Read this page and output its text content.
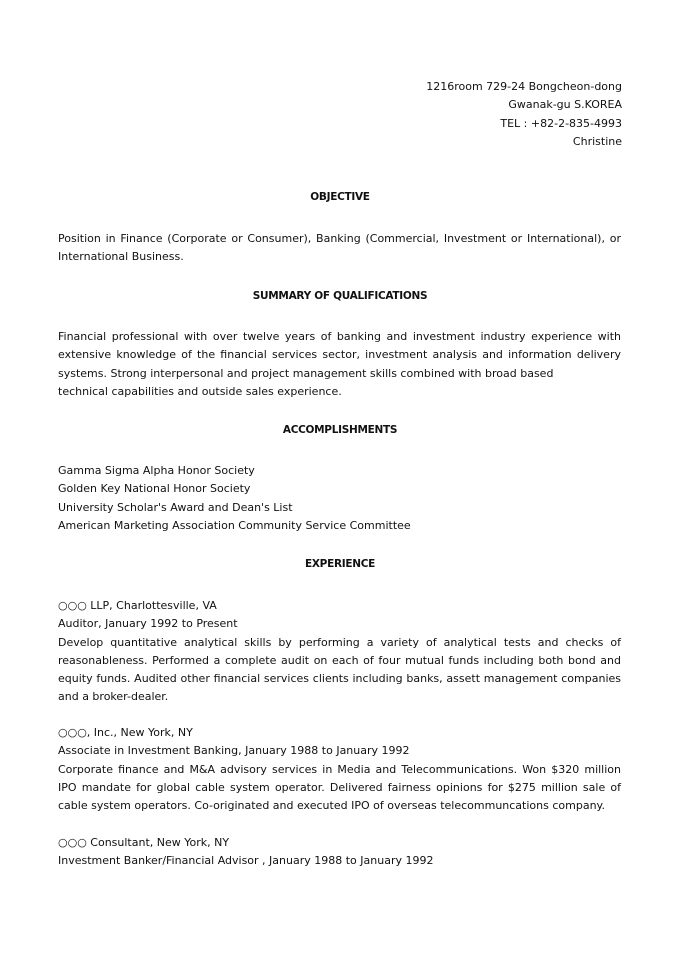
1216room 729-24 Bongcheon-dong
Gwanak-gu S.KOREA
TEL : +82-2-835-4993
Christine
OBJECTIVE
Position in Finance (Corporate or Consumer), Banking (Commercial, Investment or International), or
International Business.
SUMMARY OF QUALIFICATIONS
Financial professional with over twelve years of banking and investment industry experience with
extensive knowledge of the financial services sector, investment analysis and information delivery
systems. Strong interpersonal and project management skills combined with broad based
technical capabilities and outside sales experience.
ACCOMPLISHMENTS
Gamma Sigma Alpha Honor Society
Golden Key National Honor Society
University Scholar's Award and Dean's List
American Marketing Association Community Service Committee
EXPERIENCE
○○○ LLP, Charlottesville, VA
Auditor, January 1992 to Present
Develop quantitative analytical skills by performing a variety of analytical tests and checks of
reasonableness. Performed a complete audit on each of four mutual funds including both bond and
equity funds. Audited other financial services clients including banks, assett management companies
and a broker-dealer.
○○○, Inc., New York, NY
Associate in Investment Banking, January 1988 to January 1992
Corporate finance and M&A advisory services in Media and Telecommunications. Won $320 million
IPO mandate for global cable system operator. Delivered fairness opinions for $275 million sale of
cable system operators. Co-originated and executed IPO of overseas telecommuncations company.
○○○ Consultant, New York, NY
Investment Banker/Financial Advisor , January 1988 to January 1992
